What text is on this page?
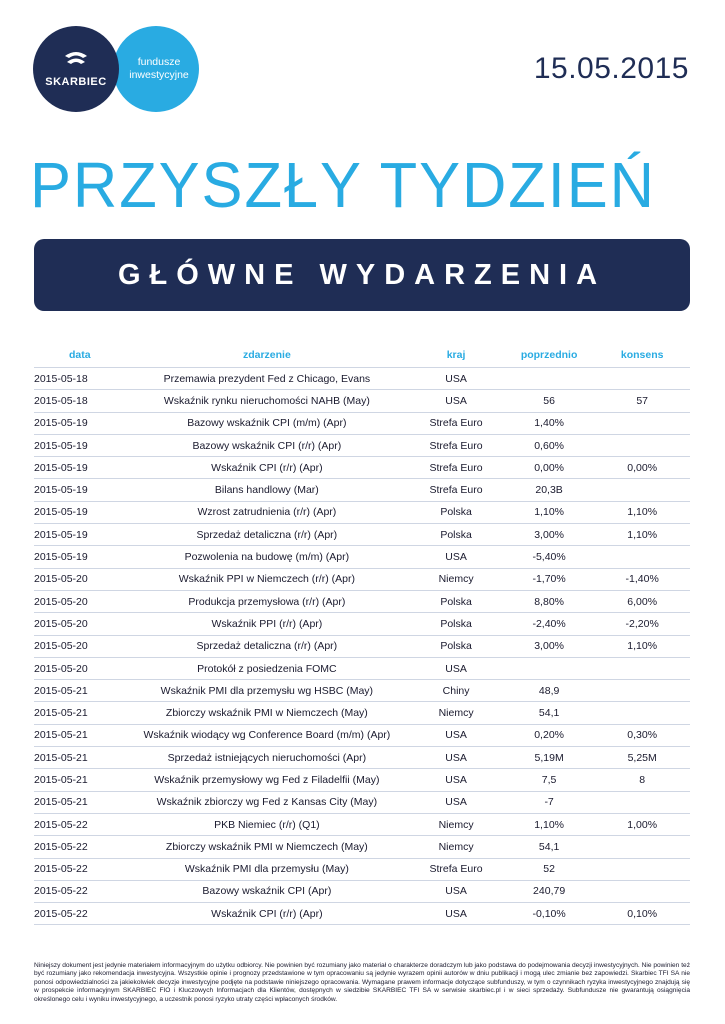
SKARBIEC
fundusze inwestycyjne	15.05.2015
PRZYSZŁY TYDZIEŃ
GŁÓWNE WYDARZENIA
data	zdarzenie	kraj	poprzednio	konsens
2015-05-18	Przemawia prezydent Fed z Chicago, Evans	USA		
2015-05-18	Wskaźnik rynku nieruchomości NAHB (May)	USA	56	57
2015-05-19	Bazowy wskaźnik CPI (m/m) (Apr)	Strefa Euro	1,40%	
2015-05-19	Bazowy wskaźnik CPI (r/r) (Apr)	Strefa Euro	0,60%	
2015-05-19	Wskaźnik CPI (r/r) (Apr)	Strefa Euro	0,00%	0,00%
2015-05-19	Bilans handlowy (Mar)	Strefa Euro	20,3B	
2015-05-19	Wzrost zatrudnienia (r/r) (Apr)	Polska	1,10%	1,10%
2015-05-19	Sprzedaż detaliczna (r/r) (Apr)	Polska	3,00%	1,10%
2015-05-19	Pozwolenia na budowę (m/m) (Apr)	USA	-5,40%	
2015-05-20	Wskaźnik PPI w Niemczech (r/r) (Apr)	Niemcy	-1,70%	-1,40%
2015-05-20	Produkcja przemysłowa (r/r) (Apr)	Polska	8,80%	6,00%
2015-05-20	Wskaźnik PPI (r/r) (Apr)	Polska	-2,40%	-2,20%
2015-05-20	Sprzedaż detaliczna (r/r) (Apr)	Polska	3,00%	1,10%
2015-05-20	Protokół z posiedzenia FOMC	USA		
2015-05-21	Wskaźnik PMI dla przemysłu wg HSBC (May)	Chiny	48,9	
2015-05-21	Zbiorczy wskaźnik PMI w Niemczech (May)	Niemcy	54,1	
2015-05-21	Wskaźnik wiodący wg Conference Board (m/m) (Apr)	USA	0,20%	0,30%
2015-05-21	Sprzedaż istniejących nieruchomości (Apr)	USA	5,19M	5,25M
2015-05-21	Wskaźnik przemysłowy wg Fed z Filadelfii (May)	USA	7,5	8
2015-05-21	Wskaźnik zbiorczy wg Fed z Kansas City (May)	USA	-7	
2015-05-22	PKB Niemiec (r/r) (Q1)	Niemcy	1,10%	1,00%
2015-05-22	Zbiorczy wskaźnik PMI w Niemczech (May)	Niemcy	54,1	
2015-05-22	Wskaźnik PMI dla przemysłu (May)	Strefa Euro	52	
2015-05-22	Bazowy wskaźnik CPI (Apr)	USA	240,79	
2015-05-22	Wskaźnik CPI (r/r) (Apr)	USA	-0,10%	0,10%
Niniejszy dokument jest jedynie materiałem informacyjnym do użytku odbiorcy. Nie powinien być rozumiany jako materiał o charakterze doradczym lub jako podstawa do podejmowania decyzji inwestycyjnych. Nie powinien też być rozumiany jako rekomendacja inwestycyjna. Wszystkie opinie i prognozy przedstawione w tym opracowaniu są jedynie wyrazem opinii autorów w dniu publikacji i mogą ulec zmianie bez zapowiedzi. Skarbiec TFI SA nie ponosi odpowiedzialności za jakiekolwiek decyzje inwestycyjne podjęte na podstawie niniejszego opracowania. Wymagane prawem informacje dotyczące subfunduszy, w tym o czynnikach ryzyka inwestycyjnego znajdują się w prospekcie informacyjnym SKARBIEC FIO i Kluczowych Informacjach dla Klientów, dostępnych w siedzibie SKARBIEC TFI SA w serwisie skarbiec.pl i w sieci sprzedaży. Subfundusze nie gwarantują osiągnięcia określonego celu i wyniku inwestycyjnego, a uczestnik ponosi ryzyko utraty części wpłaconych środków.
